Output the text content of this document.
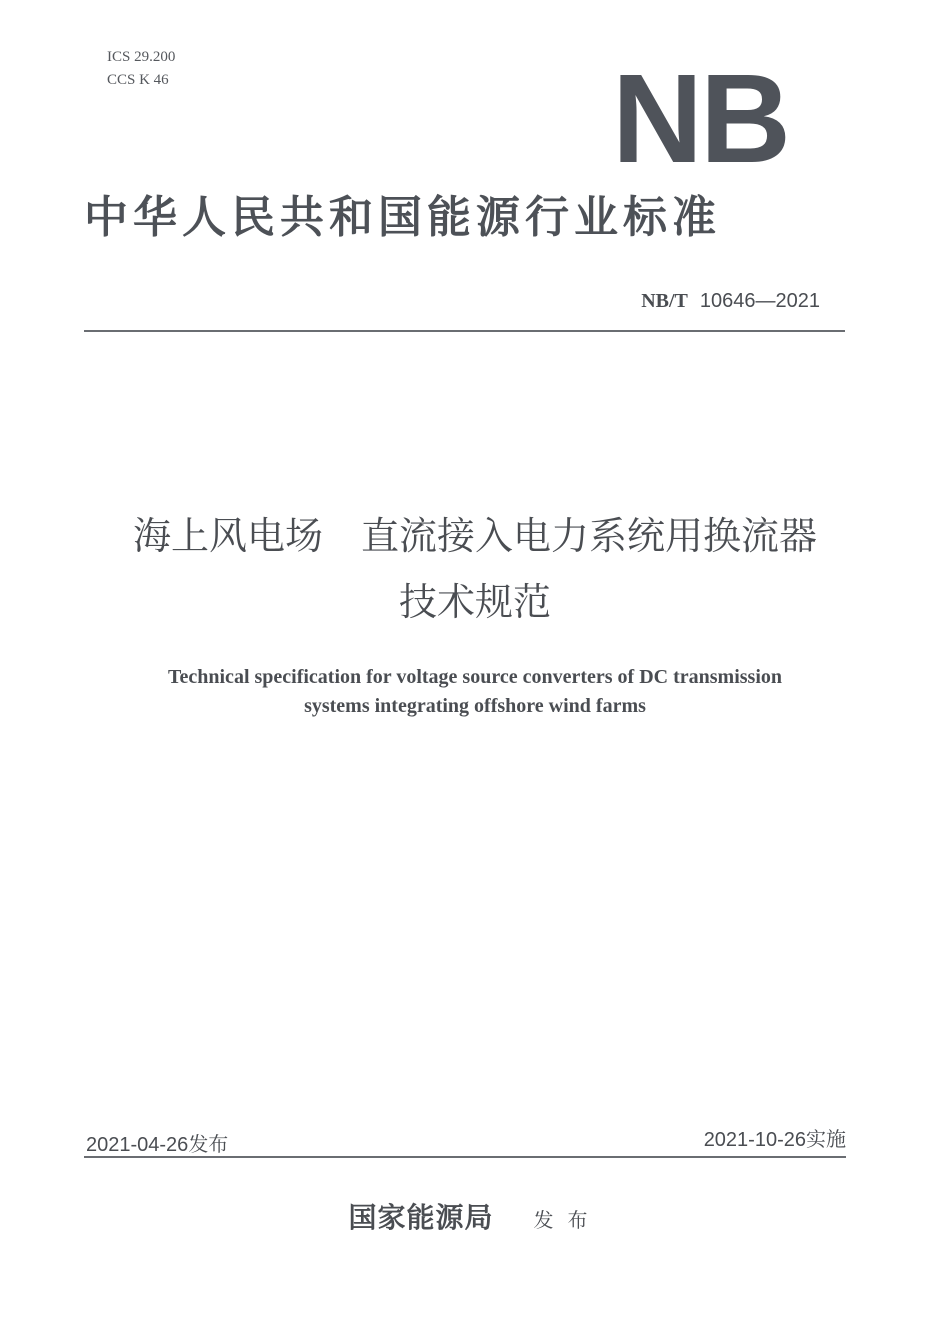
ICS 29.200
CCS K 46	NB
中华人民共和国能源行业标准
NB/T 10646—2021
海上风电场　直流接入电力系统用换流器
技术规范
Technical specification for voltage source converters of DC transmission
systems integrating offshore wind farms
2021-04-26发布	2021-10-26实施
国家能源局 发布
